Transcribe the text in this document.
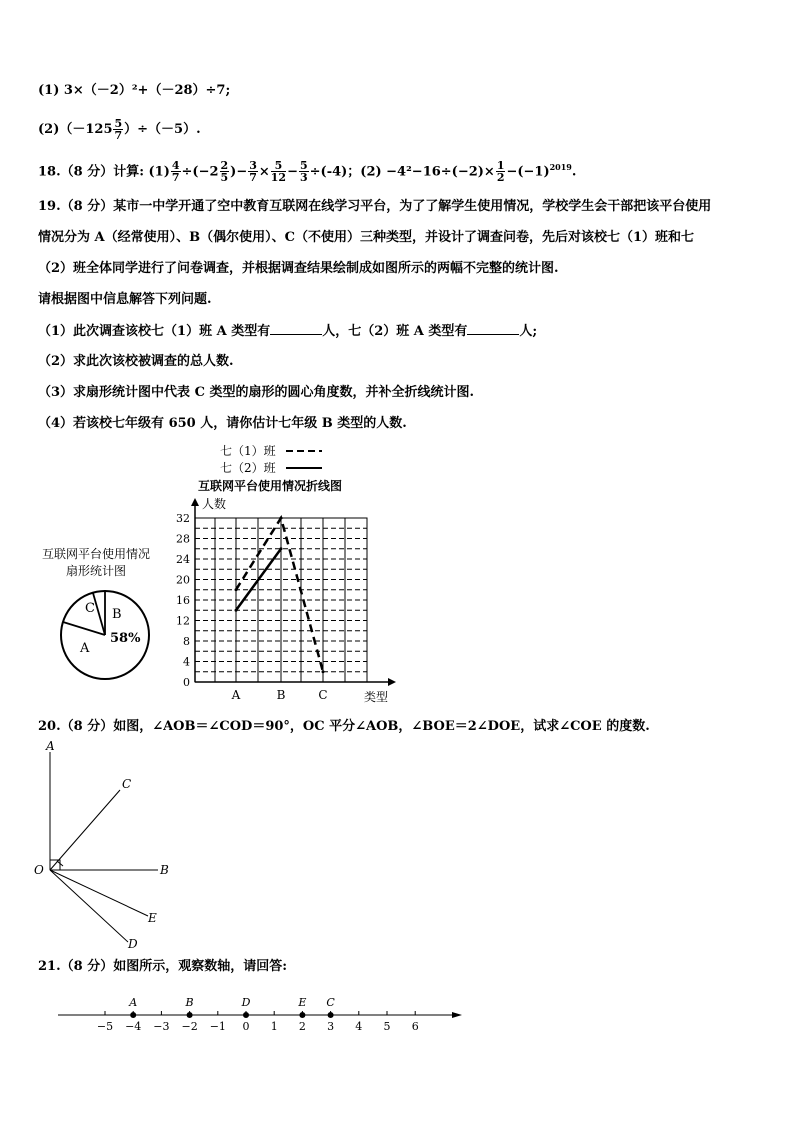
(1) 3×（－2）²+（－28）÷7;
$(2)(-125 \frac{5}{7} )\div(-5)$.
18.（8 分）计算: $(1) \frac{4}{7} \div(-2 \frac{2}{5}$ )− $\frac{3}{7} \times \frac{5}{12} - \frac{5}{3} \div(-4)$；$(2) -4^2-16\div(-2)\times \frac{1}{2} -(-1)^{2019}$.
19.（8 分）某市一中学开通了空中教育互联网在线学习平台，为了了解学生使用情况，学校学生会干部把该平台使用
情况分为 A（经常使用）、B（偶尔使用）、C（不使用）三种类型，并设计了调查问卷，先后对该校七（1）班和七
（2）班全体同学进行了问卷调查，并根据调查结果绘制成如图所示的两幅不完整的统计图.
请根据图中信息解答下列问题.
（1）此次调查该校七（1）班 A 类型有	人，七（2）班 A 类型有	人;
（2）求此次该校被调查的总人数.
（3）求扇形统计图中代表 C 类型的扇形的圆心角度数，并补全折线统计图.
（4）若该校七年级有 650 人，请你估计七年级 B 类型的人数.
互联网平台使用情况
扇形统计图
C B
58%
A
七（1）班
七（2）班
互联网平台使用情况折线图
人数
0
4
8
12
16
20
24
28
32
A	B	C	类型
20.（8 分）如图，∠AOB＝∠COD＝90°，OC 平分∠AOB，∠BOE＝2∠DOE，试求∠COE 的度数.
A
C
O	B
E
D
21.（8 分）如图所示，观察数轴，请回答:
−5 −4 −3 −2 −1 0 1 2 3 4 5 6
A	B	D	E C
